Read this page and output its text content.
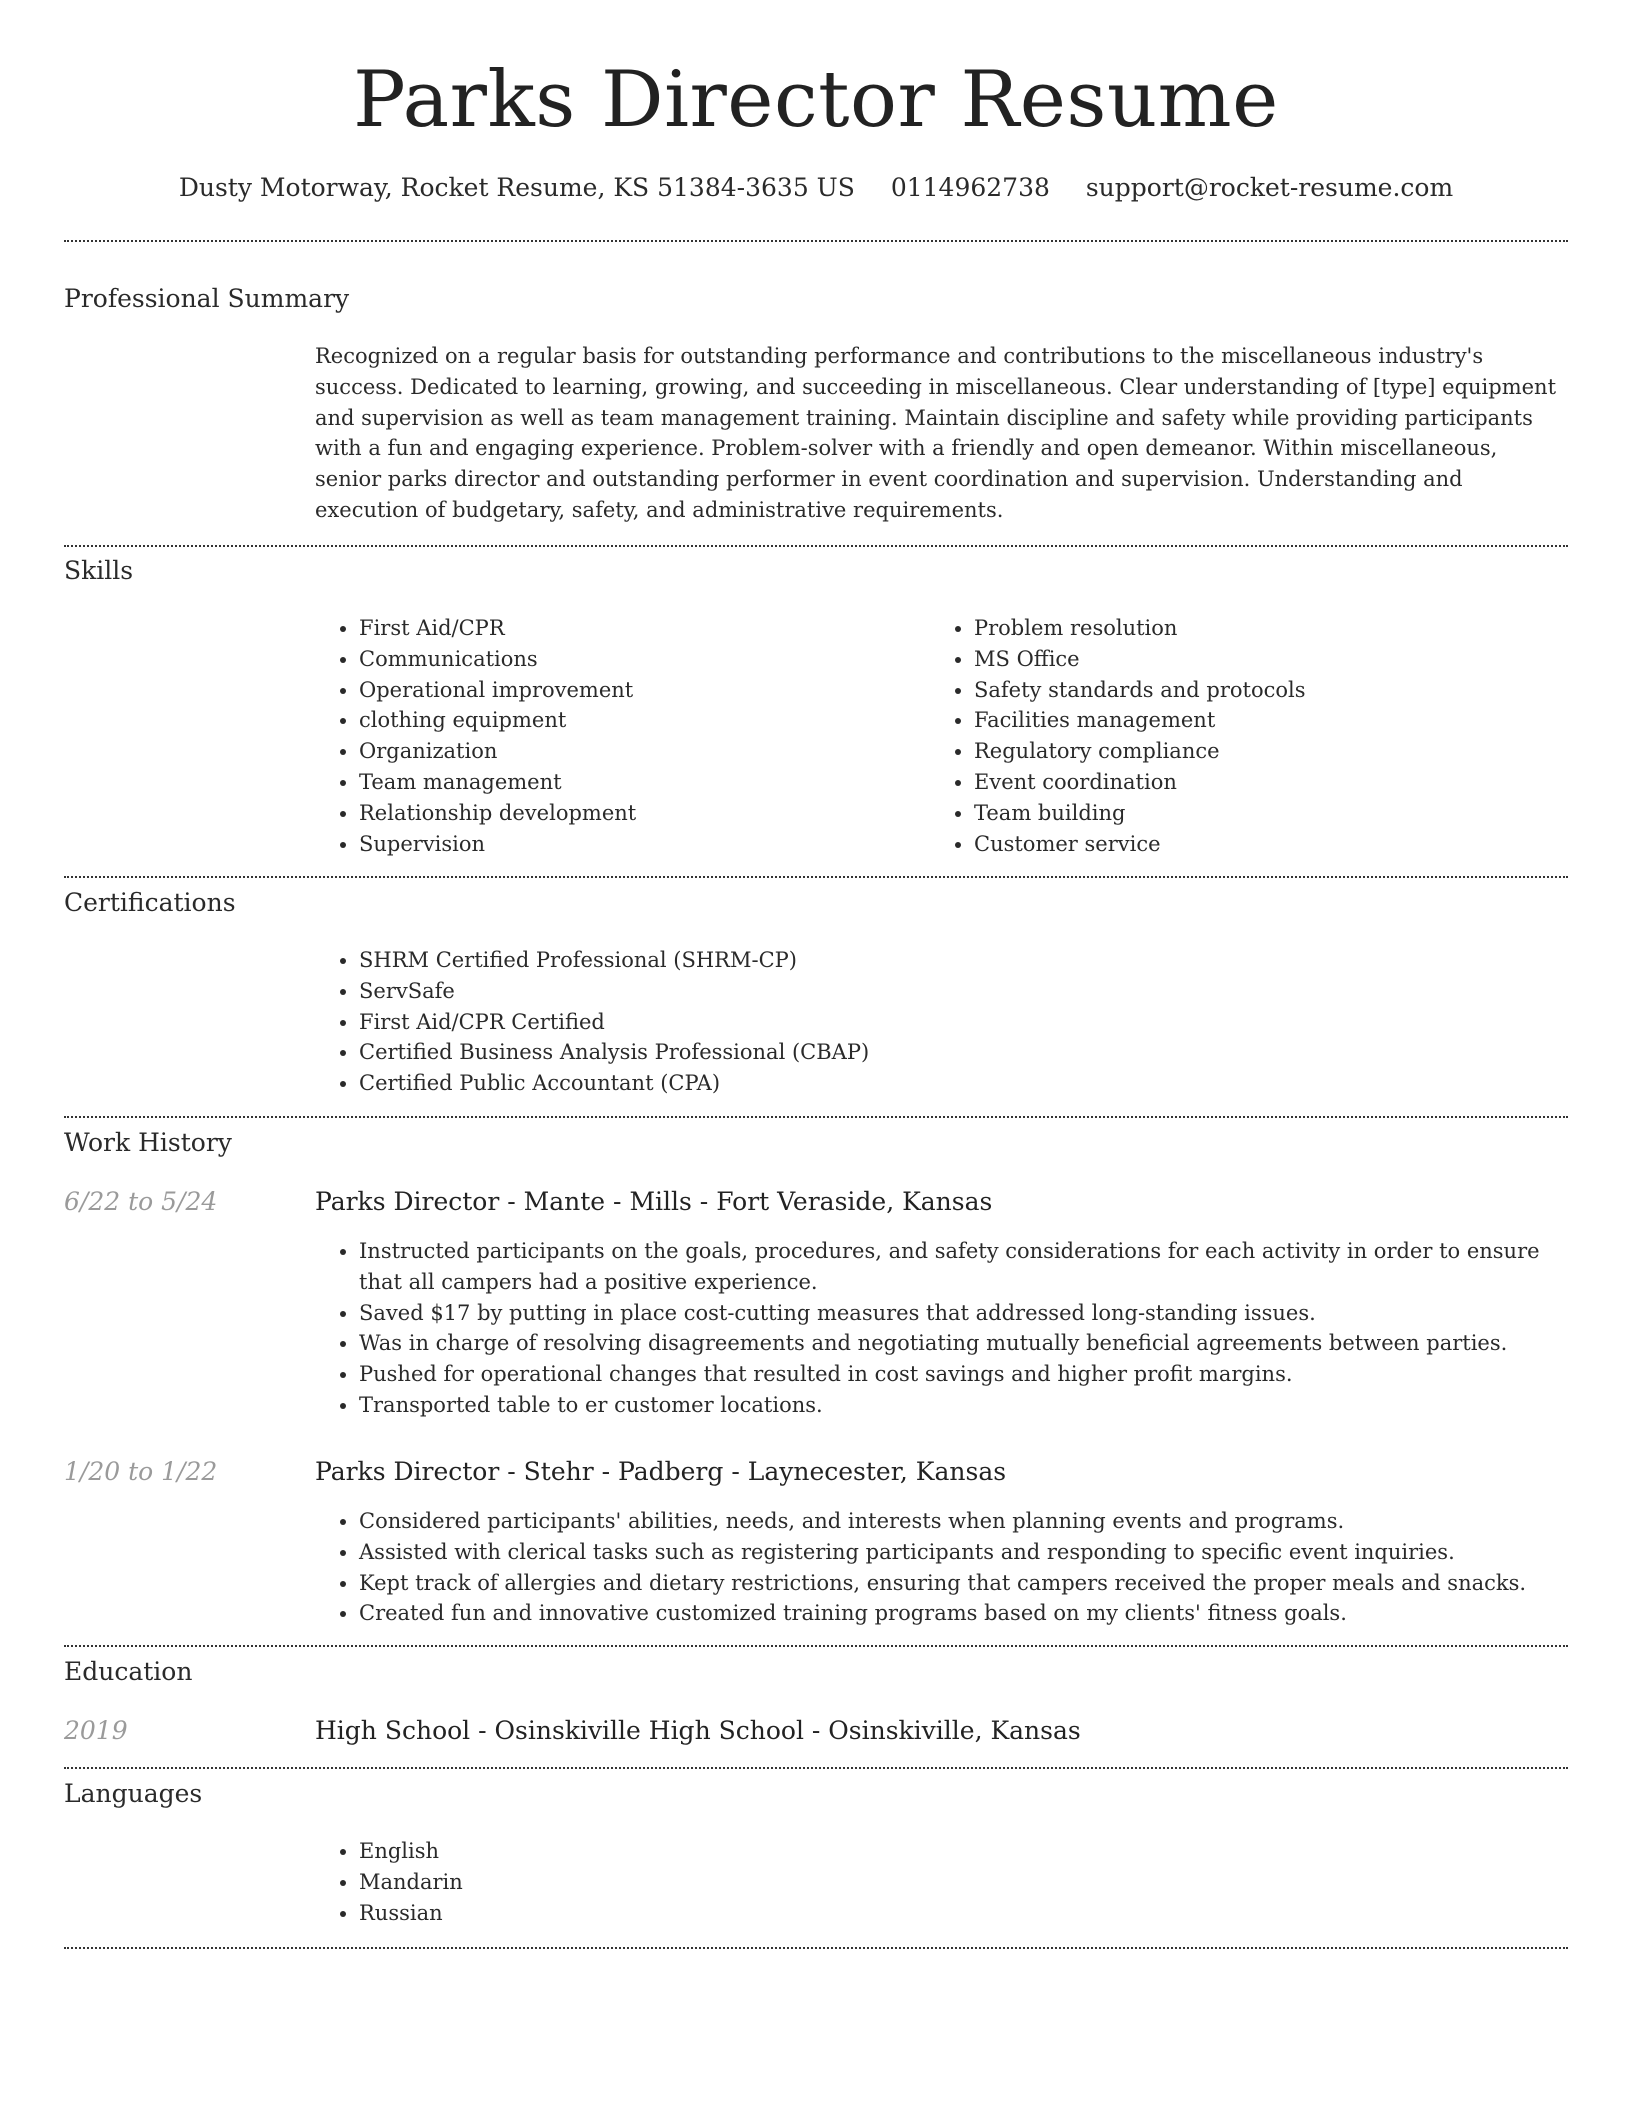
Parks Director Resume
Dusty Motorway, Rocket Resume, KS 51384-3635 US 0114962738 support@rocket-resume.com
Professional Summary
Recognized on a regular basis for outstanding performance and contributions to the miscellaneous industry's success. Dedicated to learning, growing, and succeeding in miscellaneous. Clear understanding of [type] equipment and supervision as well as team management training. Maintain discipline and safety while providing participants with a fun and engaging experience. Problem-solver with a friendly and open demeanor. Within miscellaneous, senior parks director and outstanding performer in event coordination and supervision. Understanding and execution of budgetary, safety, and administrative requirements.
Skills
• First Aid/CPR
• Communications
• Operational improvement
• clothing equipment
• Organization
• Team management
• Relationship development
• Supervision
• Problem resolution
• MS Office
• Safety standards and protocols
• Facilities management
• Regulatory compliance
• Event coordination
• Team building
• Customer service
Certifications
• SHRM Certified Professional (SHRM-CP)
• ServSafe
• First Aid/CPR Certified
• Certified Business Analysis Professional (CBAP)
• Certified Public Accountant (CPA)
Work History
6/22 to 5/24	Parks Director - Mante - Mills - Fort Veraside, Kansas
• Instructed participants on the goals, procedures, and safety considerations for each activity in order to ensure that all campers had a positive experience.
• Saved $17 by putting in place cost-cutting measures that addressed long-standing issues.
• Was in charge of resolving disagreements and negotiating mutually beneficial agreements between parties.
• Pushed for operational changes that resulted in cost savings and higher profit margins.
• Transported table to er customer locations.
1/20 to 1/22	Parks Director - Stehr - Padberg - Laynecester, Kansas
• Considered participants' abilities, needs, and interests when planning events and programs.
• Assisted with clerical tasks such as registering participants and responding to specific event inquiries.
• Kept track of allergies and dietary restrictions, ensuring that campers received the proper meals and snacks.
• Created fun and innovative customized training programs based on my clients' fitness goals.
Education
2019	High School - Osinskiville High School - Osinskiville, Kansas
Languages
• English
• Mandarin
• Russian
